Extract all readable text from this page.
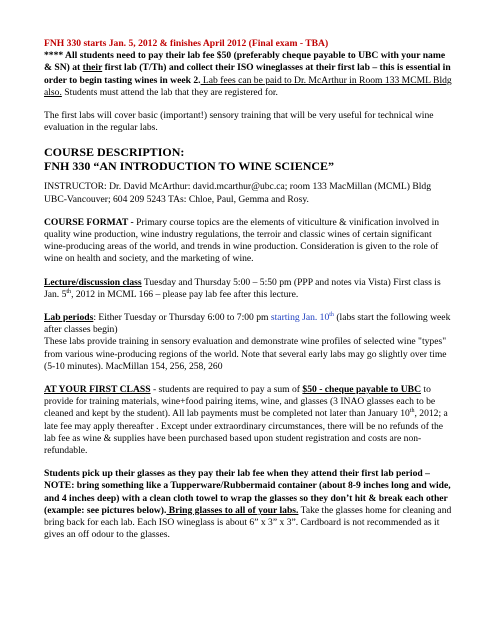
FNH 330 starts Jan. 5, 2012 & finishes April 2012 (Final exam - TBA)

**** All students need to pay their lab fee $50 (preferably cheque payable to UBC with your name & SN) at their first lab (T/Th) and collect their ISO wineglasses at their first lab – this is essential in order to begin tasting wines in week 2. Lab fees can be paid to Dr. McArthur in Room 133 MCML Bldg also. Students must attend the lab that they are registered for.

The first labs will cover basic (important!) sensory training that will be very useful for technical wine evaluation in the regular labs.

COURSE DESCRIPTION:

FNH 330 “AN INTRODUCTION TO WINE SCIENCE”

INSTRUCTOR: Dr. David McArthur: david.mcarthur@ubc.ca; room 133 MacMillan (MCML) Bldg

UBC-Vancouver; 604 209 5243 TAs: Chloe, Paul, Gemma and Rosy.

COURSE FORMAT - Primary course topics are the elements of viticulture & vinification involved in quality wine production, wine industry regulations, the terroir and classic wines of certain significant wine-producing areas of the world, and trends in wine production. Consideration is given to the role of wine on health and society, and the marketing of wine.

Lecture/discussion class Tuesday and Thursday 5:00 – 5:50 pm (PPP and notes via Vista) First class is Jan. 5th, 2012 in MCML 166 – please pay lab fee after this lecture.

Lab periods: Either Tuesday or Thursday 6:00 to 7:00 pm starting Jan. 10th (labs start the following week after classes begin)
These labs provide training in sensory evaluation and demonstrate wine profiles of selected wine "types" from various wine-producing regions of the world. Note that several early labs may go slightly over time (5-10 minutes). MacMillan 154, 256, 258, 260

AT YOUR FIRST CLASS - students are required to pay a sum of $50 - cheque payable to UBC to provide for training materials, wine+food pairing items, wine, and glasses (3 INAO glasses each to be cleaned and kept by the student). All lab payments must be completed not later than January 10th, 2012; a late fee may apply thereafter . Except under extraordinary circumstances, there will be no refunds of the lab fee as wine & supplies have been purchased based upon student registration and costs are non-refundable.

Students pick up their glasses as they pay their lab fee when they attend their first lab period – NOTE: bring something like a Tupperware/Rubbermaid container (about 8-9 inches long and wide, and 4 inches deep) with a clean cloth towel to wrap the glasses so they don’t hit & break each other (example: see pictures below). Bring glasses to all of your labs. Take the glasses home for cleaning and bring back for each lab. Each ISO wineglass is about 6” x 3” x 3”. Cardboard is not recommended as it gives an off odour to the glasses.
